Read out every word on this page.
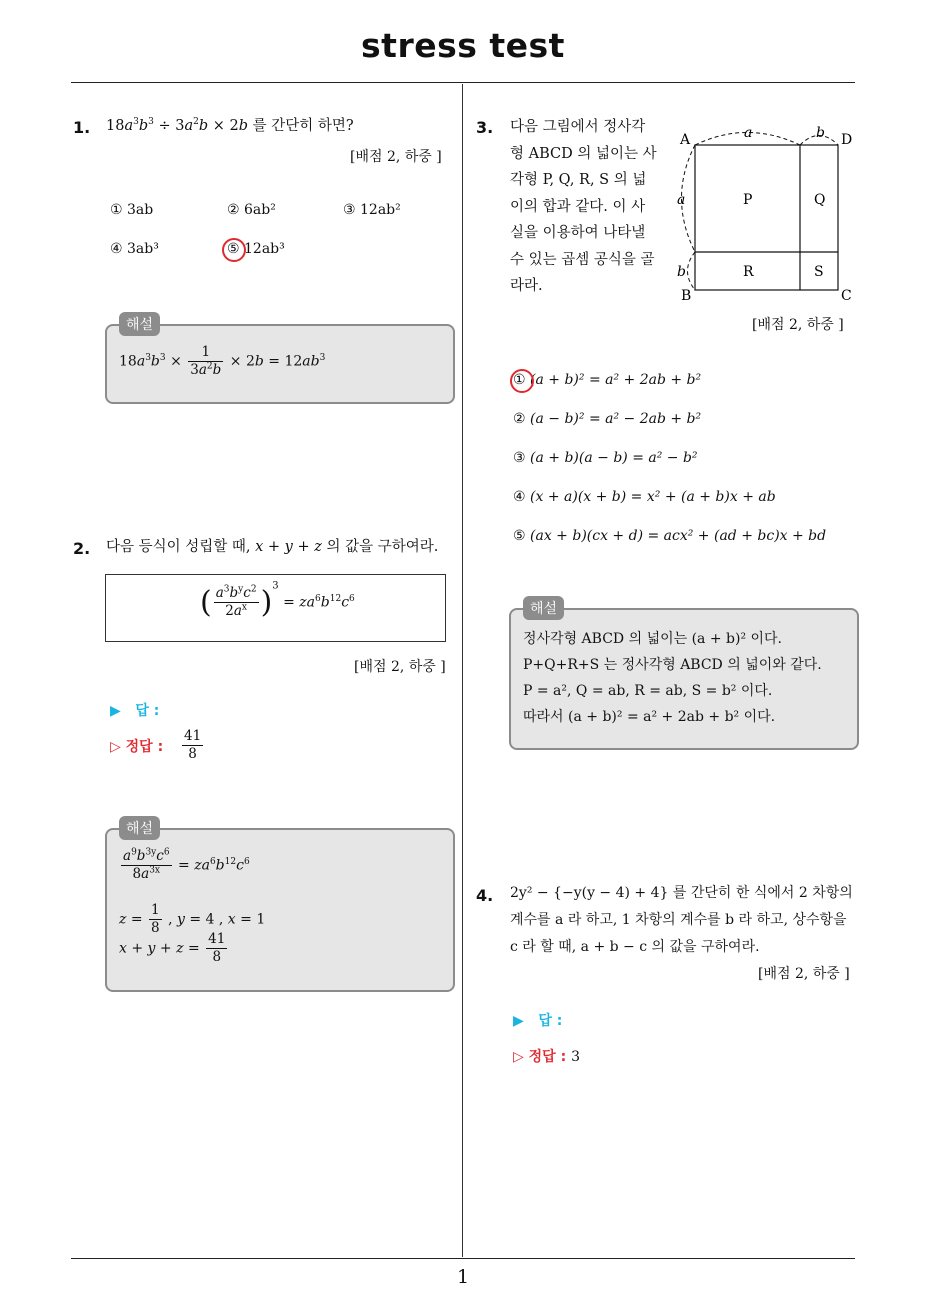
stress test
1. $18a^3b^3 \div 3a^2b \times 2b$ 를 간단히 하면?
[배점 2, 하중 ]
① 3ab	② 6ab²	③ 12ab²
④ 3ab³	⑤ 12ab³
$18a^3b^3 \times \frac{1}{3a^2b} \times 2b = 12ab^3$
해설
2. 다음 등식이 성립할 때, x + y + z 의 값을 구하여라.
( $\frac{a^3b^yc^2}{2a^x} )^3 = za^6b^{12}c^6$
[배점 2, 하중 ]
▶ 답 :
▷ 정답 : $\frac{41}{8}$
$\frac{a^9b^{3y}c^6}{8a^{3x}} = za^6b^{12}c^6$
$z = \frac{1}{8}$ , y = 4 , x = 1
$x + y + z = \frac{41}{8}$
해설
3. 다음 그림에서 정사각
형 ABCD 의 넓이는 사
각형 P, Q, R, S 의 넓
이의 합과 같다. 이 사
실을 이용하여 나타낼
수 있는 곱셈 공식을 골
라라.
A	D
B	C
P	Q
R	S
a	b
a
b
[배점 2, 하중 ]
① (a + b)² = a² + 2ab + b²
② (a − b)² = a² − 2ab + b²
③ (a + b)(a − b) = a² − b²
④ (x + a)(x + b) = x² + (a + b)x + ab
⑤ (ax + b)(cx + d) = acx² + (ad + bc)x + bd
정사각형 ABCD 의 넓이는 (a + b)² 이다.
P+Q+R+S 는 정사각형 ABCD 의 넓이와 같다.
P = a², Q = ab, R = ab, S = b² 이다.
따라서 (a + b)² = a² + 2ab + b² 이다.
해설
4. 2y² − {−y(y − 4) + 4} 를 간단히 한 식에서 2 차항의
계수를 a 라 하고, 1 차항의 계수를 b 라 하고, 상수항을
c 라 할 때, a + b − c 의 값을 구하여라.
[배점 2, 하중 ]
▶ 답 :
▷ 정답 : 3
1
